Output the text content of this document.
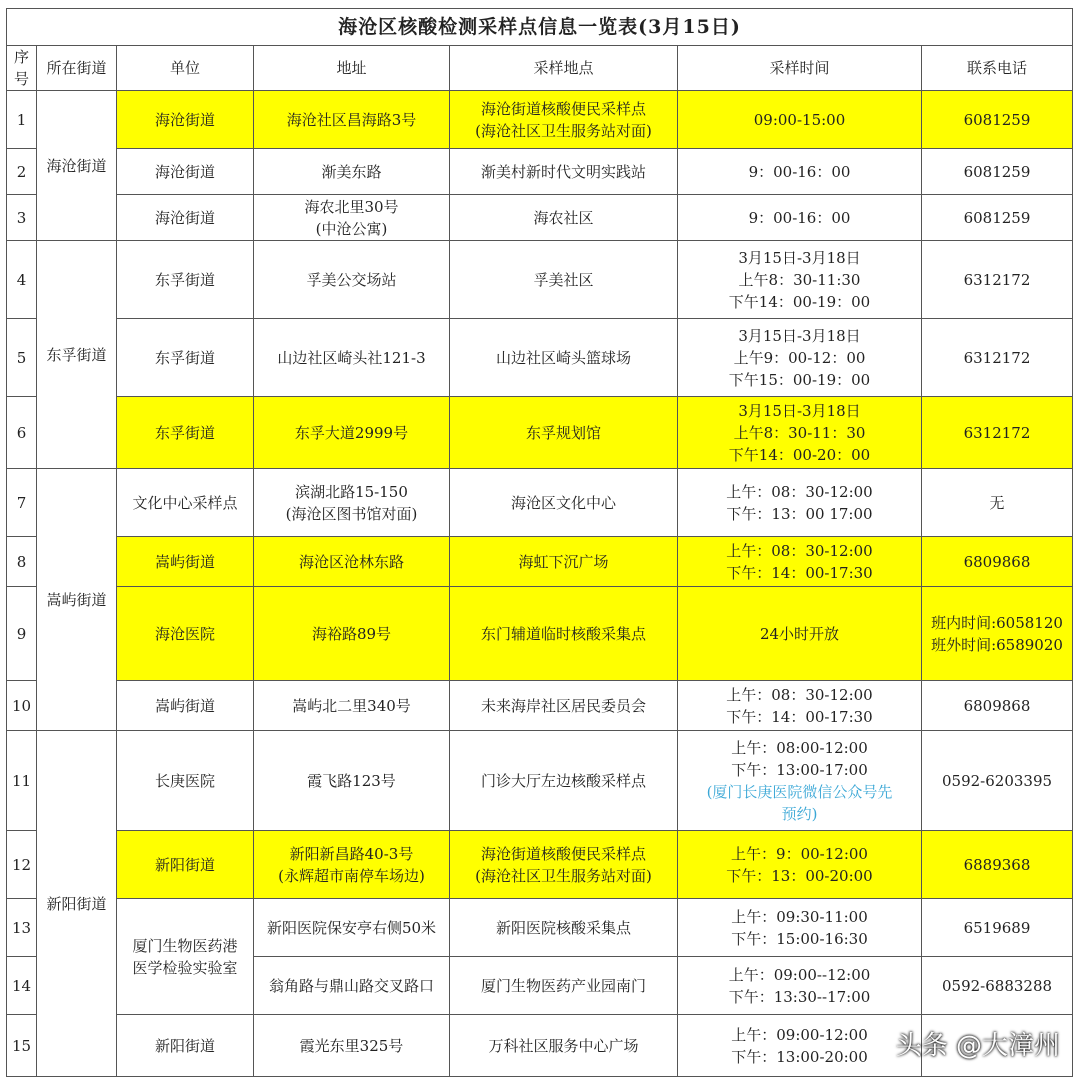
海沧区核酸检测采样点信息一览表(3月15日)						
序号	所在街道	单位	地址	采样地点	采样时间	联系电话
1	海沧街道	海沧街道	海沧社区昌海路3号	海沧街道核酸便民采样点
(海沧社区卫生服务站对面)	09:00-15:00	6081259

2		海沧街道	渐美东路	渐美村新时代文明实践站	9：00-16：00	6081259

3		海沧街道	海农北里30号
(中沧公寓)	海农社区	9：00-16：00	6081259

4	东孚街道	东孚街道	孚美公交场站	孚美社区	3月15日-3月18日
上午8：30-11:30
下午14：00-19：00	6312172

5		东孚街道	山边社区崎头社121-3	山边社区崎头篮球场	3月15日-3月18日
上午9：00-12：00
下午15：00-19：00	6312172

6		东孚街道	东孚大道2999号	东孚规划馆	3月15日-3月18日
上午8：30-11：30
下午14：00-20：00	6312172

7	嵩屿街道	文化中心采样点	滨湖北路15-150
(海沧区图书馆对面)	海沧区文化中心	上午：08：30-12:00
下午：13：00 17:00	无

8		嵩屿街道	海沧区沧林东路	海虹下沉广场	上午：08：30-12:00
下午：14：00-17:30	6809868

9		海沧医院	海裕路89号	东门辅道临时核酸采集点	24小时开放	班内时间:6058120
班外时间:6589020

10		嵩屿街道	嵩屿北二里340号	未来海岸社区居民委员会	上午：08：30-12:00
下午：14：00-17:30	6809868

11	新阳街道	长庚医院	霞飞路123号	门诊大厅左边核酸采样点	上午：08:00-12:00
下午：13:00-17:00
(厦门长庚医院微信公众号先
预约)	0592-6203395

12		新阳街道	新阳新昌路40-3号
(永辉超市南停车场边)	海沧街道核酸便民采样点
(海沧社区卫生服务站对面)	上午：9：00-12:00
下午：13：00-20:00	6889368

13		厦门生物医药港
医学检验实验室	新阳医院保安亭右侧50米	新阳医院核酸采集点	上午：09:30-11:00
下午：15:00-16:30	6519689

14			翁角路与鼎山路交叉路口	厦门生物医药产业园南门	上午：09:00--12:00
下午：13:30--17:00	0592-6883288

15		新阳街道	霞光东里325号	万科社区服务中心广场	上午：09:00-12:00
下午：13:00-20:00	
		头条 @大漳州
